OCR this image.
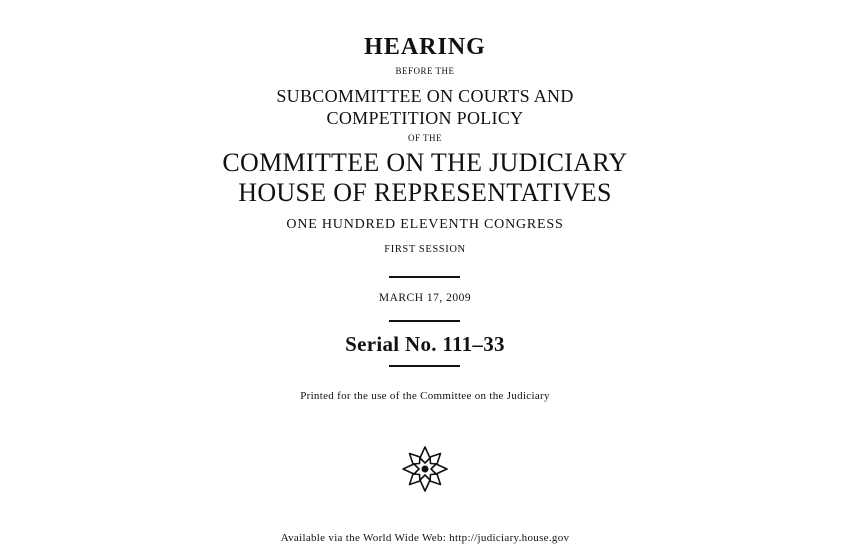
HEARING
BEFORE THE
SUBCOMMITTEE ON COURTS AND
COMPETITION POLICY
OF THE
COMMITTEE ON THE JUDICIARY
HOUSE OF REPRESENTATIVES
ONE HUNDRED ELEVENTH CONGRESS
FIRST SESSION
MARCH 17, 2009
Serial No. 111–33
Printed for the use of the Committee on the Judiciary
Available via the World Wide Web: http://judiciary.house.gov
